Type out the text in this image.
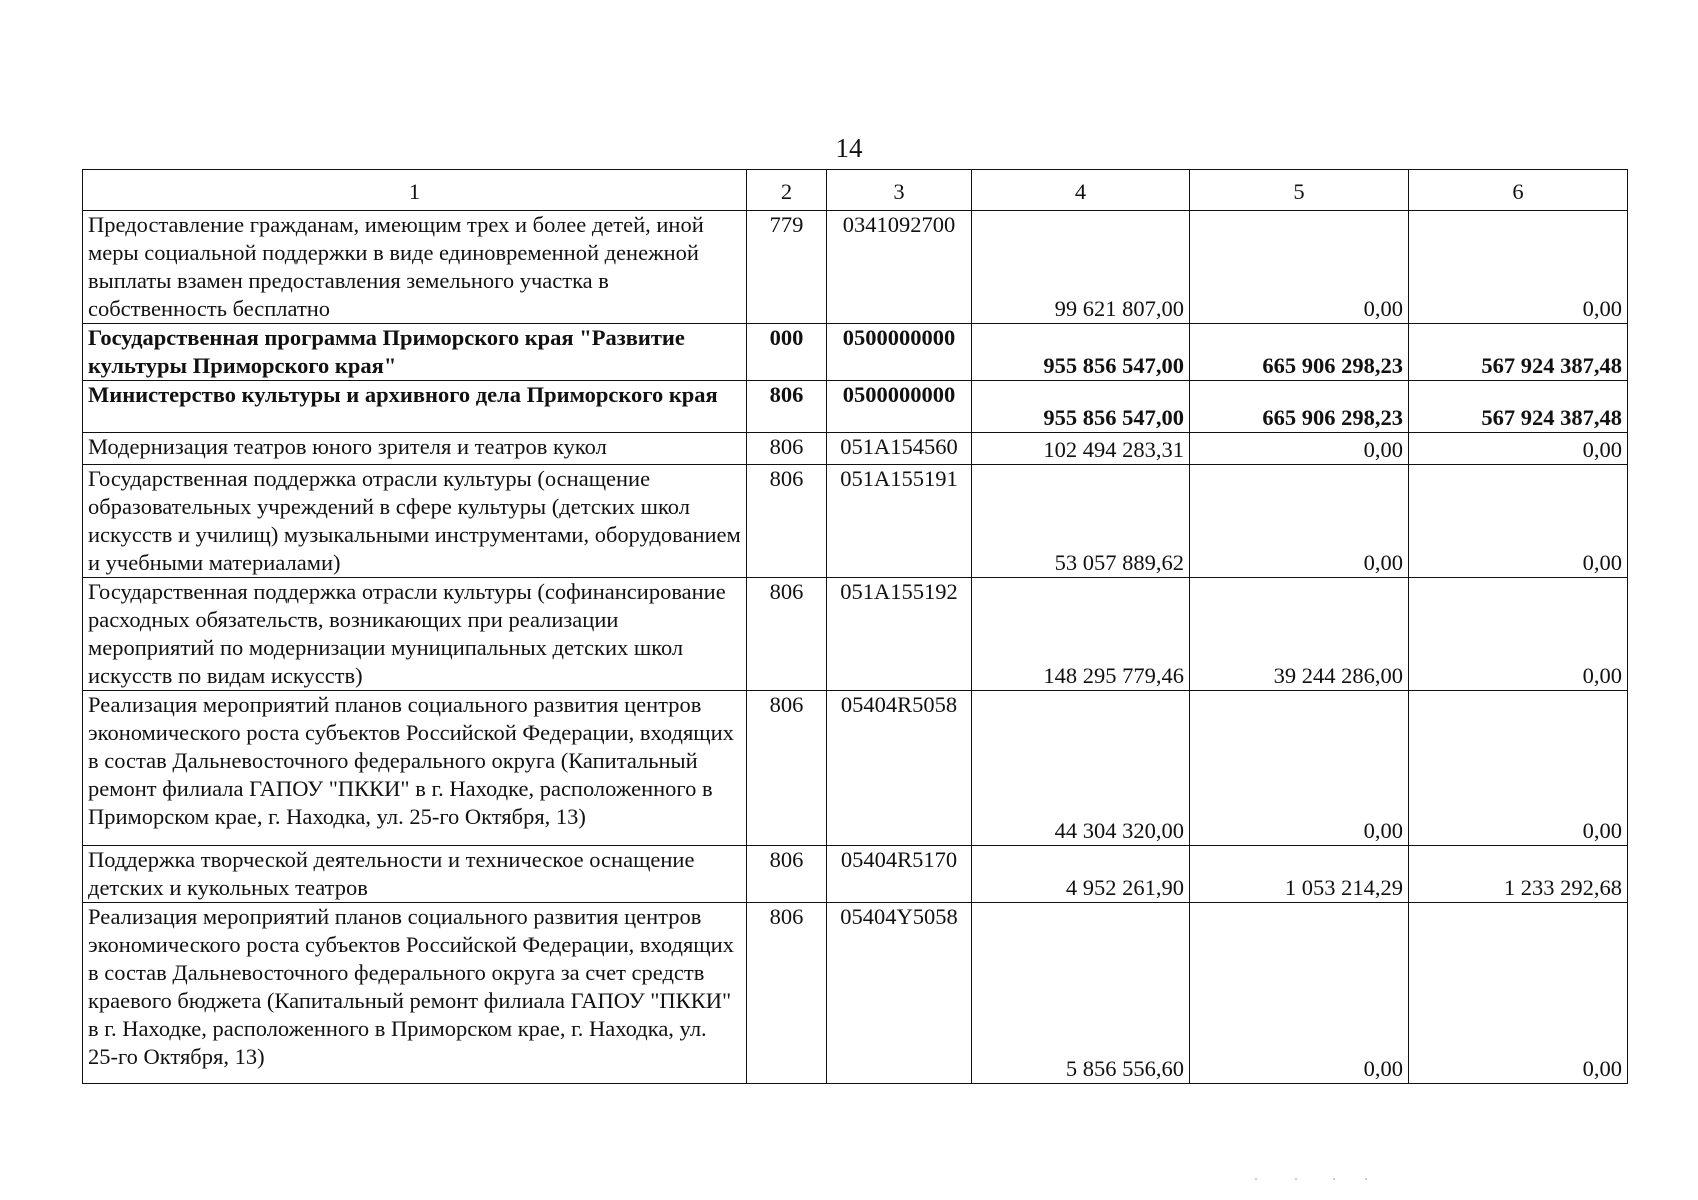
14
1	2	3	4	5	6
Предоставление гражданам, имеющим трех и более детей, иной меры социальной поддержки в виде единовременной денежной выплаты взамен предоставления земельного участка в собственность бесплатно	779	0341092700	99 621 807,00	0,00	0,00
Государственная программа Приморского края "Развитие культуры Приморского края"	000	0500000000	955 856 547,00	665 906 298,23	567 924 387,48
Министерство культуры и архивного дела Приморского края	806	0500000000	955 856 547,00	665 906 298,23	567 924 387,48
Модернизация театров юного зрителя и театров кукол	806	051A154560	102 494 283,31	0,00	0,00
Государственная поддержка отрасли культуры (оснащение образовательных учреждений в сфере культуры (детских школ искусств и училищ) музыкальными инструментами, оборудованием и учебными материалами)	806	051A155191	53 057 889,62	0,00	0,00
Государственная поддержка отрасли культуры (софинансирование расходных обязательств, возникающих при реализации мероприятий по модернизации муниципальных детских школ искусств по видам искусств)	806	051A155192	148 295 779,46	39 244 286,00	0,00
Реализация мероприятий планов социального развития центров экономического роста субъектов Российской Федерации, входящих в состав Дальневосточного федерального округа (Капитальный ремонт филиала ГАПОУ "ПККИ" в г. Находке, расположенного в Приморском крае, г. Находка, ул. 25-го Октября, 13)	806	05404R5058	44 304 320,00	0,00	0,00
Поддержка творческой деятельности и техническое оснащение детских и кукольных театров	806	05404R5170	4 952 261,90	1 053 214,29	1 233 292,68
Реализация мероприятий планов социального развития центров экономического роста субъектов Российской Федерации, входящих в состав Дальневосточного федерального округа за счет средств краевого бюджета (Капитальный ремонт филиала ГАПОУ "ПККИ" в г. Находке, расположенного в Приморском крае, г. Находка, ул. 25-го Октября, 13)	806	05404Y5058	5 856 556,60	0,00	0,00
